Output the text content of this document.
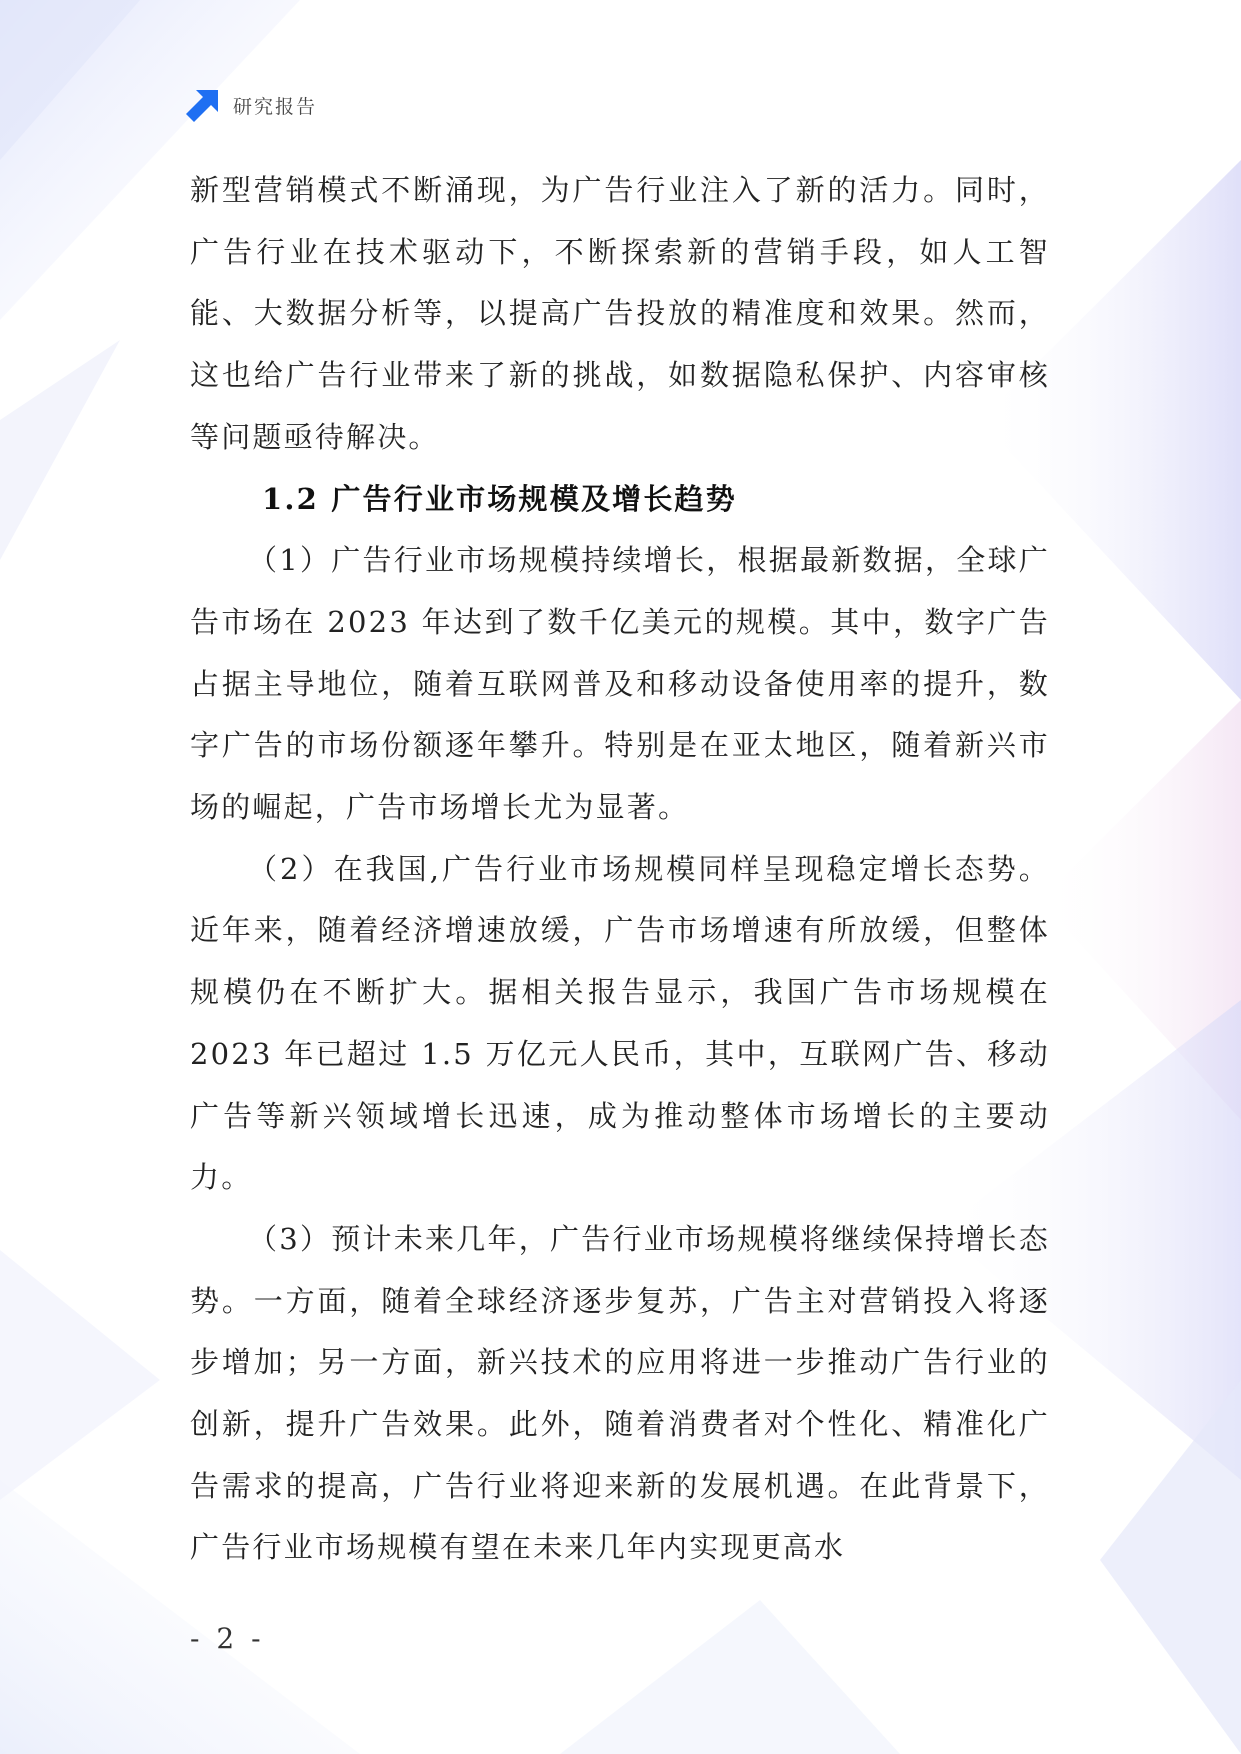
研究报告

新型营销模式不断涌现，为广告行业注入了新的活力。同时，广告行业在技术驱动下，不断探索新的营销手段，如人工智能、大数据分析等，以提高广告投放的精准度和效果。然而，这也给广告行业带来了新的挑战，如数据隐私保护、内容审核等问题亟待解决。

1.2 广告行业市场规模及增长趋势

（1）广告行业市场规模持续增长，根据最新数据，全球广告市场在 2023 年达到了数千亿美元的规模。其中，数字广告占据主导地位，随着互联网普及和移动设备使用率的提升，数字广告的市场份额逐年攀升。特别是在亚太地区，随着新兴市场的崛起，广告市场增长尤为显著。

（2）在我国,广告行业市场规模同样呈现稳定增长态势。近年来，随着经济增速放缓，广告市场增速有所放缓，但整体规模仍在不断扩大。据相关报告显示，我国广告市场规模在 2023 年已超过 1.5 万亿元人民币，其中，互联网广告、移动广告等新兴领域增长迅速，成为推动整体市场增长的主要动力。

（3）预计未来几年，广告行业市场规模将继续保持增长态势。一方面，随着全球经济逐步复苏，广告主对营销投入将逐步增加；另一方面，新兴技术的应用将进一步推动广告行业的创新，提升广告效果。此外，随着消费者对个性化、精准化广告需求的提高，广告行业将迎来新的发展机遇。在此背景下，广告行业市场规模有望在未来几年内实现更高水

- 2 -
